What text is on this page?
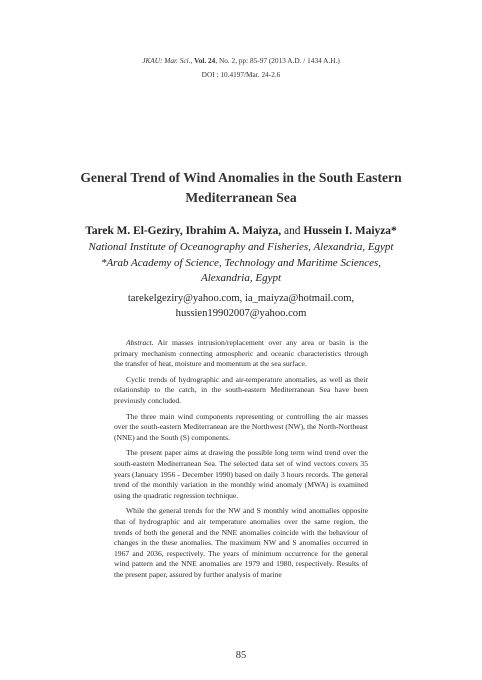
JKAU: Mar. Sci., Vol. 24, No. 2, pp: 85-97 (2013 A.D. / 1434 A.H.)
DOI : 10.4197/Mar. 24-2.6
General Trend of Wind Anomalies in the South Eastern
Mediterranean Sea
Tarek M. El-Geziry, Ibrahim A. Maiyza, and Hussein I. Maiyza*
National Institute of Oceanography and Fisheries, Alexandria, Egypt
*Arab Academy of Science, Technology and Maritime Sciences,
Alexandria, Egypt
tarekelgeziry@yahoo.com, ia_maiyza@hotmail.com,
hussien19902007@yahoo.com

Abstract. Air masses intrusion/replacement over any area or basin is the primary mechanism connecting atmospheric and oceanic characteristics through the transfer of heat, moisture and momentum at the sea surface.

Cyclic trends of hydrographic and air-temperature anomalies, as well as their relationship to the catch, in the south-eastern Mediterranean Sea have been previously concluded.

The three main wind components representing or controlling the air masses over the south-eastern Mediterranean are the Northwest (NW), the North-Northeast (NNE) and the South (S) components.

The present paper aims at drawing the possible long term wind trend over the south-eastern Mediterranean Sea. The selected data set of wind vectors covers 35 years (January 1956 - December 1990) based on daily 3 hours records. The general trend of the monthly variation in the monthly wind anomaly (MWA) is examined using the quadratic regression technique.

While the general trends for the NW and S monthly wind anomalies opposite that of hydrographic and air temperature anomalies over the same region, the trends of both the general and the NNE anomalies coincide with the behaviour of changes in the these anomalies. The maximum NW and S anomalies occurred in 1967 and 2036, respectively. The years of minimum occurrence for the general wind pattern and the NNE anomalies are 1979 and 1980, respectively. Results of the present paper, assured by further analysis of marine

85
